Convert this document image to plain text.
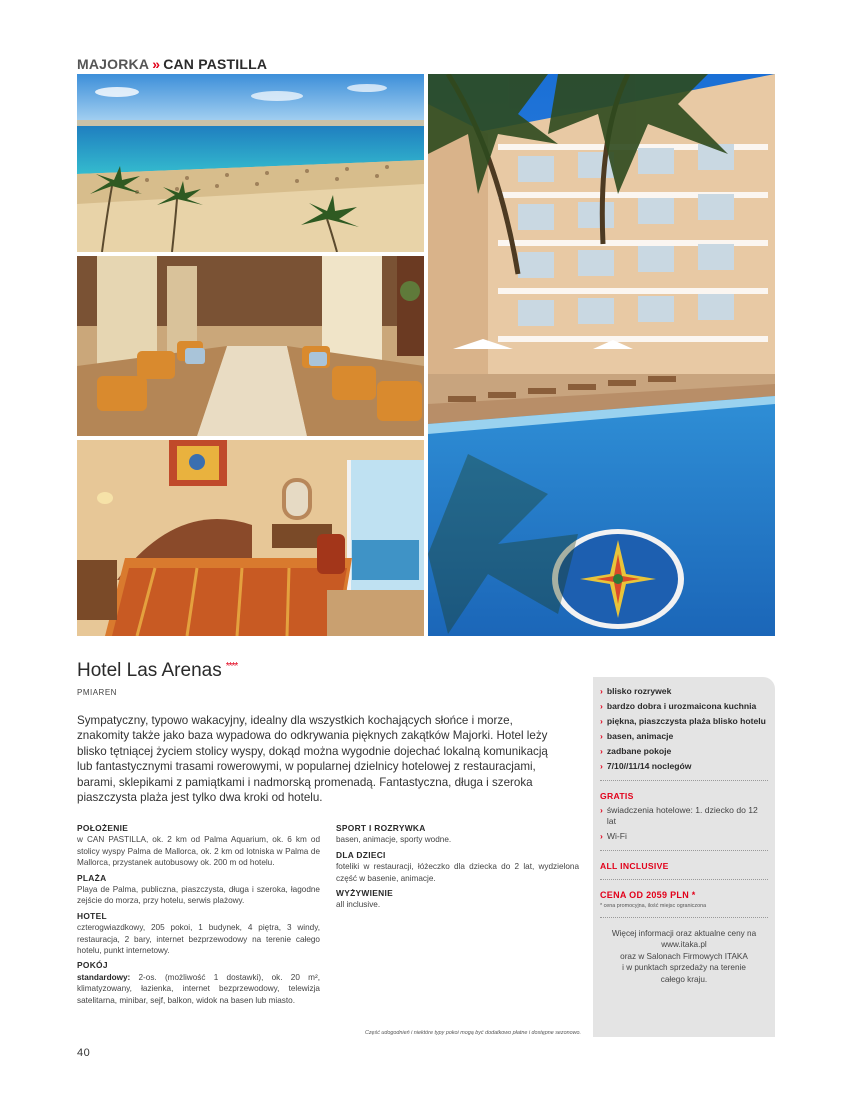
MAJORKA » CAN PASTILLA
Hotel Las Arenas ****
PMIAREN

Sympatyczny, typowo wakacyjny, idealny dla wszystkich kochających słońce i morze, znakomity także jako baza wypadowa do odkrywania pięknych zakątków Majorki. Hotel leży blisko tętniącej życiem stolicy wyspy, dokąd można wygodnie dojechać lokalną komunikacją lub fantastycznymi trasami rowerowymi, w popularnej dzielnicy hotelowej z restauracjami, barami, sklepikami z pamiątkami i nadmorską promenadą. Fantastyczna, długa i szeroka piaszczysta plaża jest tylko dwa kroki od hotelu.

POŁOŻENIE
w CAN PASTILLA, ok. 2 km od Palma Aquarium, ok. 6 km od stolicy wyspy Palma de Mallorca, ok. 2 km od lotniska w Palma de Mallorca, przystanek autobusowy ok. 200 m od hotelu.
PLAŻA
Playa de Palma, publiczna, piaszczysta, długa i szeroka, łagodne zejście do morza, przy hotelu, serwis plażowy.
HOTEL
czterogwiazdkowy, 205 pokoi, 1 budynek, 4 piętra, 3 windy, restauracja, 2 bary, internet bezprzewodowy na terenie całego hotelu, punkt internetowy.
POKÓJ
standardowy: 2-os. (możliwość 1 dostawki), ok. 20 m², klimatyzowany, łazienka, internet bezprzewodowy, telewizja satelitarna, minibar, sejf, balkon, widok na basen lub miasto.
SPORT I ROZRYWKA
basen, animacje, sporty wodne.
DLA DZIECI
foteliki w restauracji, łóżeczko dla dziecka do 2 lat, wydzielona część w basenie, animacje.
WYŻYWIENIE
all inclusive.
Część udogodnień i niektóre typy pokoi mogą być dodatkowo płatne i dostępne sezonowo.
40
› blisko rozrywek
› bardzo dobra i urozmaicona kuchnia
› piękna, piaszczysta plaża blisko hotelu
› basen, animacje
› zadbane pokoje
› 7/10//11/14 noclegów
GRATIS
› świadczenia hotelowe: 1. dziecko do 12 lat
› Wi-Fi
ALL INCLUSIVE
CENA OD 2059 PLN *
* cena promocyjna, ilość miejsc ograniczona
Więcej informacji oraz aktualne ceny na
www.itaka.pl
oraz w Salonach Firmowych ITAKA
i w punktach sprzedaży na terenie
całego kraju.
